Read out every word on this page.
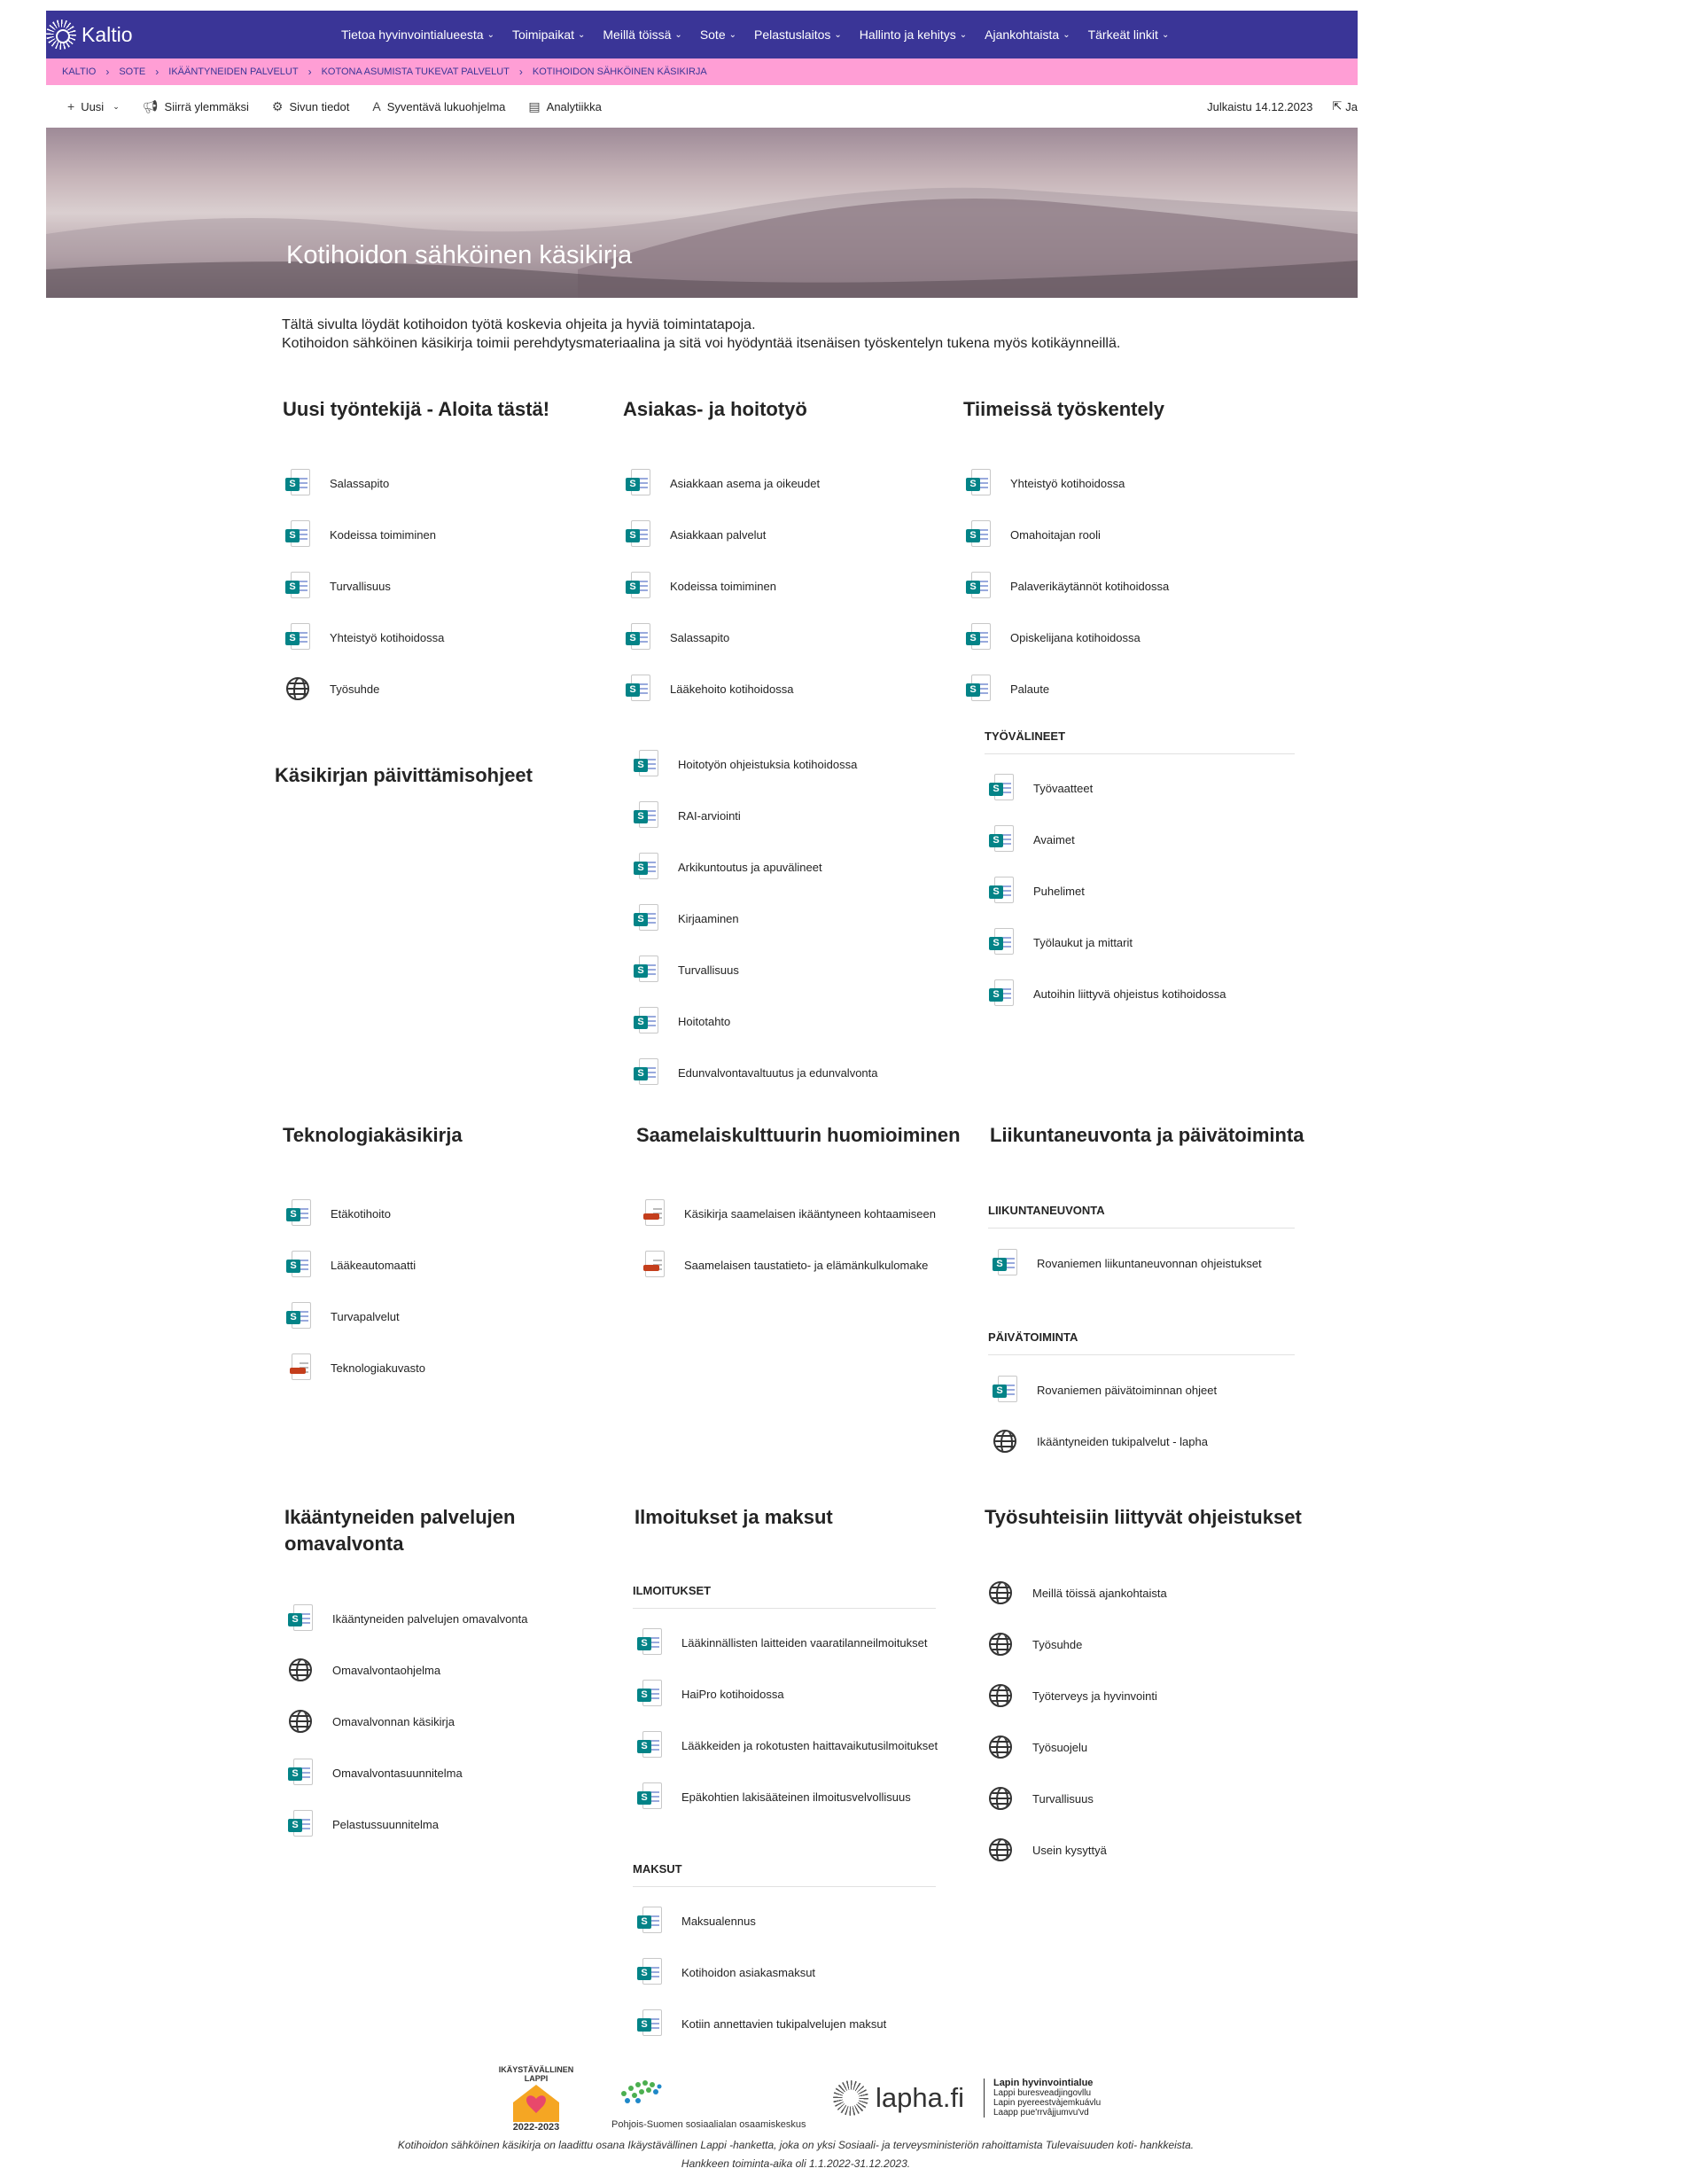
Kaltio	Tietoa hyvinvointialueesta ⌄ Toimipaikat ⌄ Meillä töissä ⌄ Sote ⌄ Pelastuslaitos ⌄ Hallinto ja kehitys ⌄ Ajankohtaista ⌄ Tärkeät linkit ⌄
KALTIO › SOTE › IKÄÄNTYNEIDEN PALVELUT › KOTONA ASUMISTA TUKEVAT PALVELUT › KOTIHOIDON SÄHKÖINEN KÄSIKIRJA
+ Uusi ⌄ 📢︎ Siirrä ylemmäksi ⚙ Sivun tiedot A Syventävä lukuohjelma ▤ Analytiikka	Julkaistu 14.12.2023 ⇱ Ja
Kotihoidon sähköinen käsikirja
Tältä sivulta löydät kotihoidon työtä koskevia ohjeita ja hyviä toimintatapoja.
Kotihoidon sähköinen käsikirja toimii perehdytysmateriaalina ja sitä voi hyödyntää itsenäisen työskentelyn tukena myös kotikäynneillä.
Uusi työntekijä - Aloita tästä!	Asiakas- ja hoitotyö	Tiimeissä työskentely
S	Salassapito
S	Kodeissa toimiminen
S	Turvallisuus
S	Yhteistyö kotihoidossa
Työsuhde
S	Asiakkaan asema ja oikeudet
S	Asiakkaan palvelut
S	Kodeissa toimiminen
S	Salassapito
S	Lääkehoito kotihoidossa
S	Yhteistyö kotihoidossa
S	Omahoitajan rooli
S	Palaverikäytännöt kotihoidossa
S	Opiskelijana kotihoidossa
S	Palaute
Käsikirjan päivittämisohjeet	S	Hoitotyön ohjeistuksia kotihoidossa
S	RAI-arviointi
S	Arkikuntoutus ja apuvälineet
S	Kirjaaminen
S	Turvallisuus
S	Hoitotahto
S	Edunvalvontavaltuutus ja edunvalvonta
TYÖVÄLINEET
S	Työvaatteet
S	Avaimet
S	Puhelimet
S	Työlaukut ja mittarit
S	Autoihin liittyvä ohjeistus kotihoidossa
Teknologiakäsikirja	Saamelaiskulttuurin huomioiminen Liikuntaneuvonta ja päivätoiminta
S	Etäkotihoito
S	Lääkeautomaatti
S	Turvapalvelut
Teknologiakuvasto
Käsikirja saamelaisen ikääntyneen kohtaamiseen
Saamelaisen taustatieto- ja elämänkulkulomake
LIIKUNTANEUVONTA
S	Rovaniemen liikuntaneuvonnan ohjeistukset
PÄIVÄTOIMINTA
S	Rovaniemen päivätoiminnan ohjeet
Ikääntyneiden tukipalvelut - lapha
Ikääntyneiden palvelujen
omavalvonta
Ilmoitukset ja maksut	Työsuhteisiin liittyvät ohjeistukset
S	Ikääntyneiden palvelujen omavalvonta
Omavalvontaohjelma
Omavalvonnan käsikirja
S	Omavalvontasuunnitelma
S	Pelastussuunnitelma
ILMOITUKSET
S	Lääkinnällisten laitteiden vaaratilanneilmoitukset
S	HaiPro kotihoidossa
S	Lääkkeiden ja rokotusten haittavaikutusilmoitukset
S	Epäkohtien lakisääteinen ilmoitusvelvollisuus
MAKSUT
S	Maksualennus
S	Kotihoidon asiakasmaksut
S	Kotiin annettavien tukipalvelujen maksut
Meillä töissä ajankohtaista
Työsuhde
Työterveys ja hyvinvointi
Työsuojelu
Turvallisuus
Usein kysyttyä
IKÄYSTÄVÄLLINEN LAPPI
2022-2023	Pohjois-Suomen sosiaalialan osaamiskeskus
lapha.fi	Lapin hyvinvointialue
Lappi buresveadjingovllu
Lapin pyereestvàjemkuávlu
Laapp pue'rrvâjjumvu'vd
Kotihoidon sähköinen käsikirja on laadittu osana Ikäystävällinen Lappi -hanketta, joka on yksi Sosiaali- ja terveysministeriön rahoittamista Tulevaisuuden koti- hankkeista.
Hankkeen toiminta-aika oli 1.1.2022-31.12.2023.
